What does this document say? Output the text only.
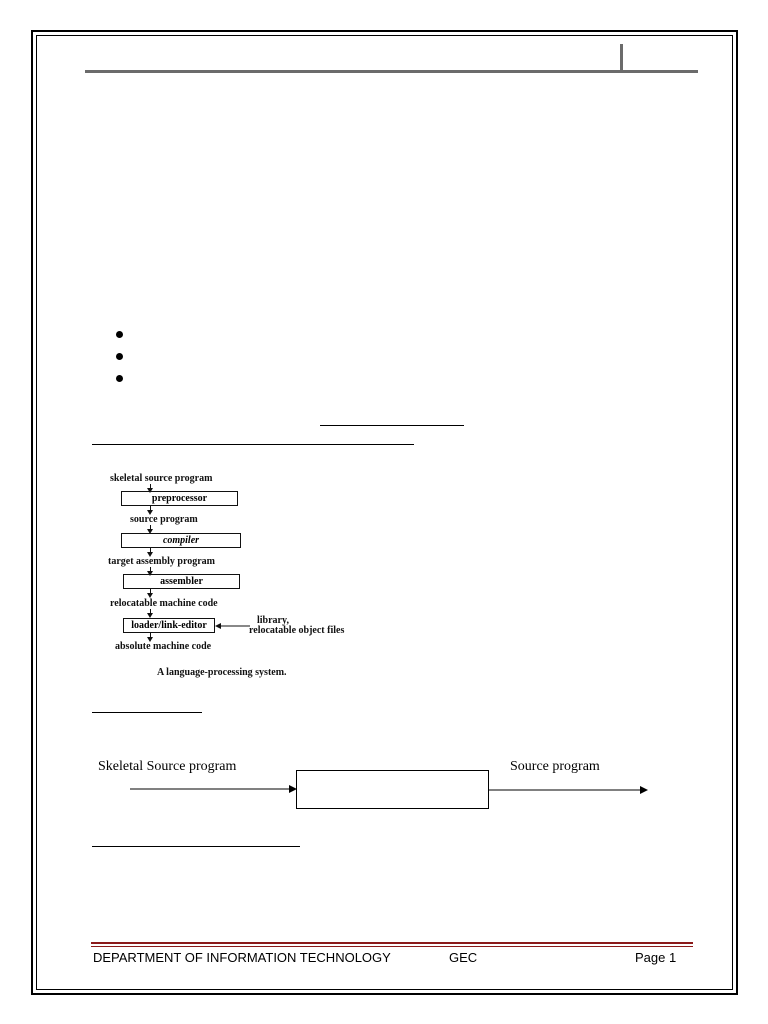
skeletal source program
preprocessor
source program
compiler
target assembly program
assembler
relocatable machine code
loader/link-editor	library,
relocatable object files
absolute machine code
A language-processing system.
Skeletal Source program	Source program
DEPARTMENT OF INFORMATION TECHNOLOGY	GEC	Page 1
